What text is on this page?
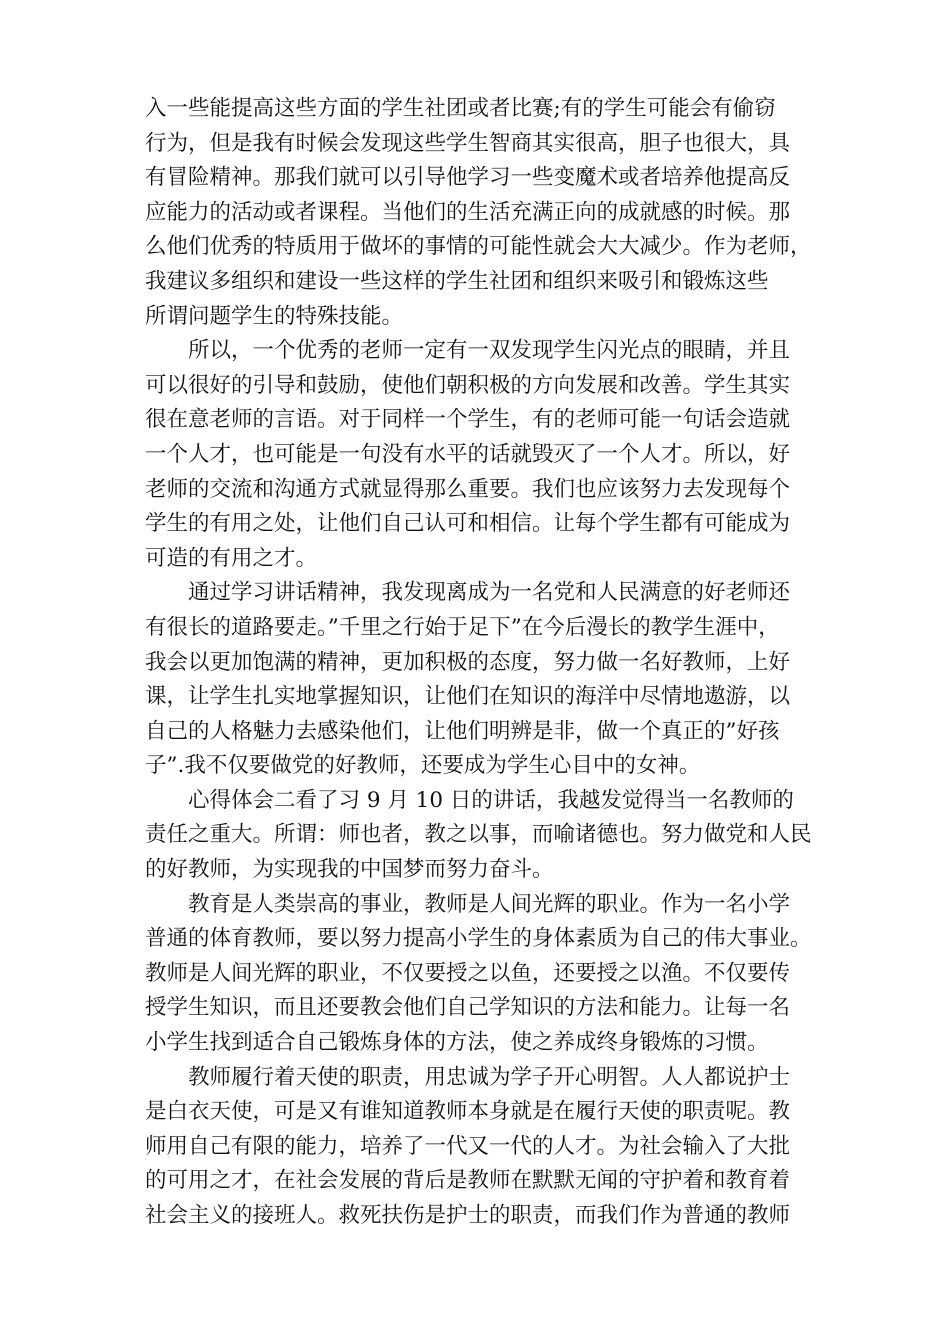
入一些能提高这些方面的学生社团或者比赛;有的学生可能会有偷窃
行为，但是我有时候会发现这些学生智商其实很高，胆子也很大，具
有冒险精神。那我们就可以引导他学习一些变魔术或者培养他提高反
应能力的活动或者课程。当他们的生活充满正向的成就感的时候。那
么他们优秀的特质用于做坏的事情的可能性就会大大减少。作为老师，
我建议多组织和建设一些这样的学生社团和组织来吸引和锻炼这些
所谓问题学生的特殊技能。
所以，一个优秀的老师一定有一双发现学生闪光点的眼睛，并且
可以很好的引导和鼓励，使他们朝积极的方向发展和改善。学生其实
很在意老师的言语。对于同样一个学生，有的老师可能一句话会造就
一个人才，也可能是一句没有水平的话就毁灭了一个人才。所以，好
老师的交流和沟通方式就显得那么重要。我们也应该努力去发现每个
学生的有用之处，让他们自己认可和相信。让每个学生都有可能成为
可造的有用之才。
通过学习讲话精神，我发现离成为一名党和人民满意的好老师还
有很长的道路要走。”千里之行始于足下”在今后漫长的教学生涯中，
我会以更加饱满的精神，更加积极的态度，努力做一名好教师，上好
课，让学生扎实地掌握知识，让他们在知识的海洋中尽情地遨游，以
自己的人格魅力去感染他们，让他们明辨是非，做一个真正的”好孩
子”.我不仅要做党的好教师，还要成为学生心目中的女神。
心得体会二看了习 9 月 10 日的讲话，我越发觉得当一名教师的
责任之重大。所谓：师也者，教之以事，而喻诸德也。努力做党和人民
的好教师，为实现我的中国梦而努力奋斗。
教育是人类崇高的事业，教师是人间光辉的职业。作为一名小学
普通的体育教师，要以努力提高小学生的身体素质为自己的伟大事业。
教师是人间光辉的职业，不仅要授之以鱼，还要授之以渔。不仅要传
授学生知识，而且还要教会他们自己学知识的方法和能力。让每一名
小学生找到适合自己锻炼身体的方法，使之养成终身锻炼的习惯。
教师履行着天使的职责，用忠诚为学子开心明智。人人都说护士
是白衣天使，可是又有谁知道教师本身就是在履行天使的职责呢。教
师用自己有限的能力，培养了一代又一代的人才。为社会输入了大批
的可用之才，在社会发展的背后是教师在默默无闻的守护着和教育着
社会主义的接班人。救死扶伤是护士的职责，而我们作为普通的教师
